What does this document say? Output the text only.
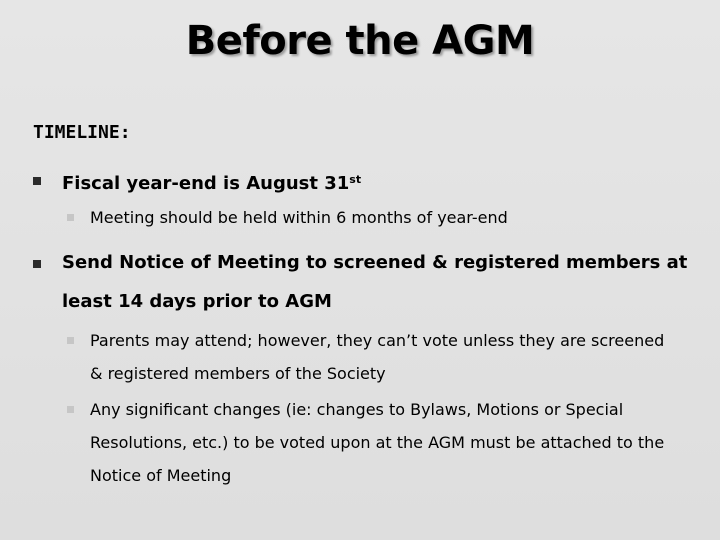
Before the AGM
TIMELINE:
Fiscal year-end is August 31st
Meeting should be held within 6 months of year-end
Send Notice of Meeting to screened & registered members at
least 14 days prior to AGM
Parents may attend; however, they can’t vote unless they are screened
& registered members of the Society
Any significant changes (ie: changes to Bylaws, Motions or Special
Resolutions, etc.) to be voted upon at the AGM must be attached to the
Notice of Meeting
